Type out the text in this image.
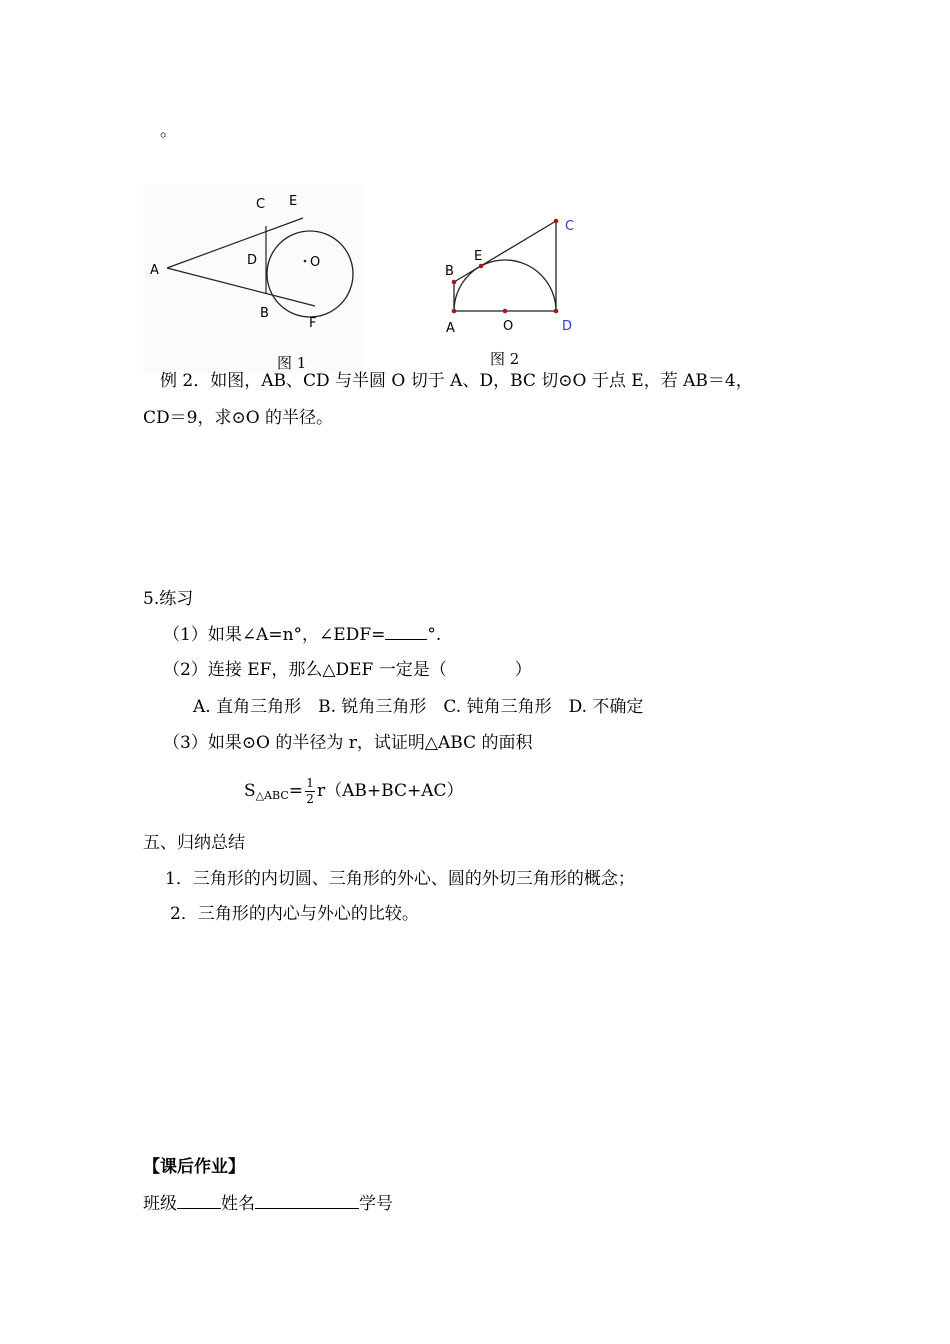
。
A
C E
D	O
B
F
图 1
A
B
E
C
O	D
图 2
例 2．如图，AB、CD 与半圆 O 切于 A、D，BC 切⊙O 于点 E，若 AB＝4，
CD＝9，求⊙O 的半径。
5.练习
（1）如果∠A=n°，∠EDF= °.
（2）连接 EF，那么△DEF 一定是（　　　　）
A. 直角三角形　B. 锐角三角形　C. 钝角三角形　D. 不确定
（3）如果⊙O 的半径为 r，试证明△ABC 的面积
$S_{\triangle ABC}= \frac{1}{2} r(AB+BC+AC)$
五、归纳总结
1．三角形的内切圆、三角形的外心、圆的外切三角形的概念；
2．三角形的内心与外心的比较。
【课后作业】
班级	姓名	学号
